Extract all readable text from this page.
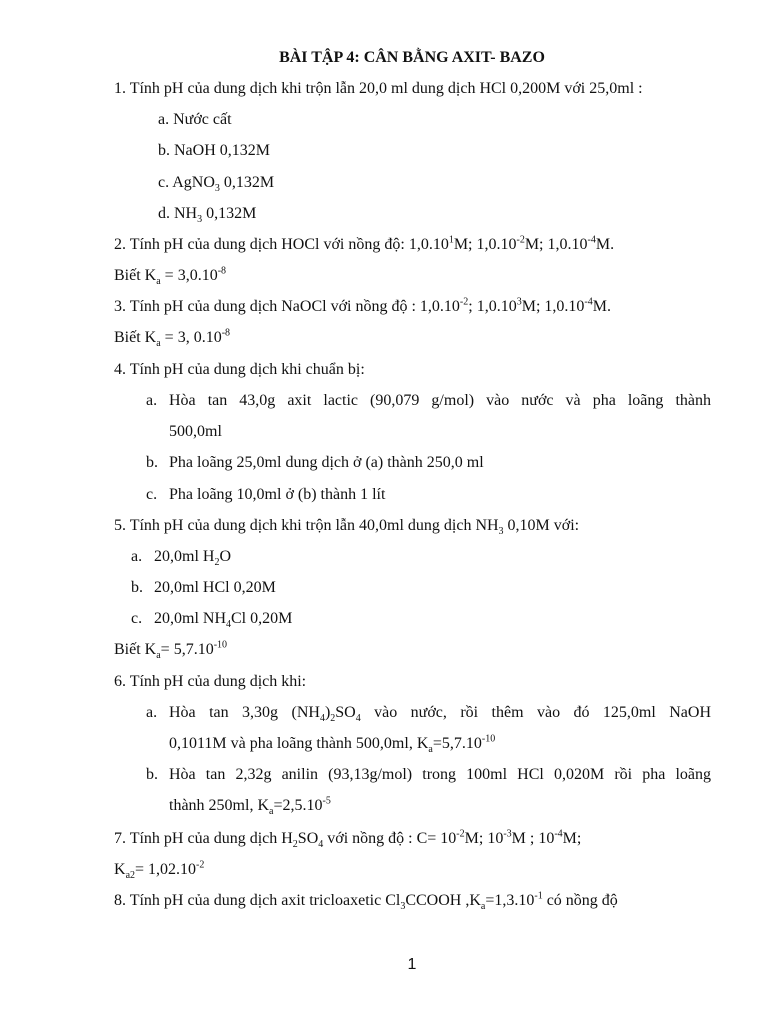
BÀI TẬP 4: CÂN BẰNG AXIT- BAZO
1. Tính pH của dung dịch khi trộn lẫn 20,0 ml dung dịch HCl 0,200M với 25,0ml :
a. Nước cất
b. NaOH 0,132M
c. AgNO$_3$ 0,132M
d. $NH_3$ 0,132M
2. Tính pH của dung dịch HOCl với nồng độ: 1,0.10$^1$M; $1,0.10^{-2}M$; $1,0.10^{-4}M$.
Biết $K_a = 3,0.10^{-8}$
3. Tính pH của dung dịch NaOCl với nồng độ : $1,0.10^{-2}$; 1,0.10$^3$M; $1,0.10^{-4}M$.
Biết $K_a = 3$, $0.10^{-8}$
4. Tính pH của dung dịch khi chuẩn bị:
a. Hòa tan 43,0g axit lactic (90,079 g/mol) vào nước và pha loãng thành
500,0ml
b. Pha loãng 25,0ml dung dịch ở (a) thành 250,0 ml
c. Pha loãng 10,0ml ở (b) thành 1 lít
5. Tính pH của dung dịch khi trộn lẫn 40,0ml dung dịch $NH_3$ 0,10M với:
a. 20,0ml $H_2O$
b. 20,0ml HCl 0,20M
c. 20,0ml $NH_4Cl$ 0,20M
Biết $K_a= 5,7.10^{-10}$
6. Tính pH của dung dịch khi:
a. Hòa tan 3,30g $(NH_4)_2SO_4$ vào nước, rồi thêm vào đó 125,0ml NaOH
0,1011M và pha loãng thành 500,0ml, $K_a=5,7.10^{-10}$
b. Hòa tan 2,32g anilin (93,13g/mol) trong 100ml HCl 0,020M rồi pha loãng
thành 250ml, $K_a=2,5.10^{-5}$
7. Tính pH của dung dịch $H_2SO_4$ với nồng độ : $C= 10^{-2}M$; $10^{-3}M$ ; $10^{-4}M$;
$K_{a2}= 1,02.10^{-2}$
8. Tính pH của dung dịch axit tricloaxetic $Cl_3CCOOH$ $,K_a=1,3.10^{-1}$ có nồng độ
1
